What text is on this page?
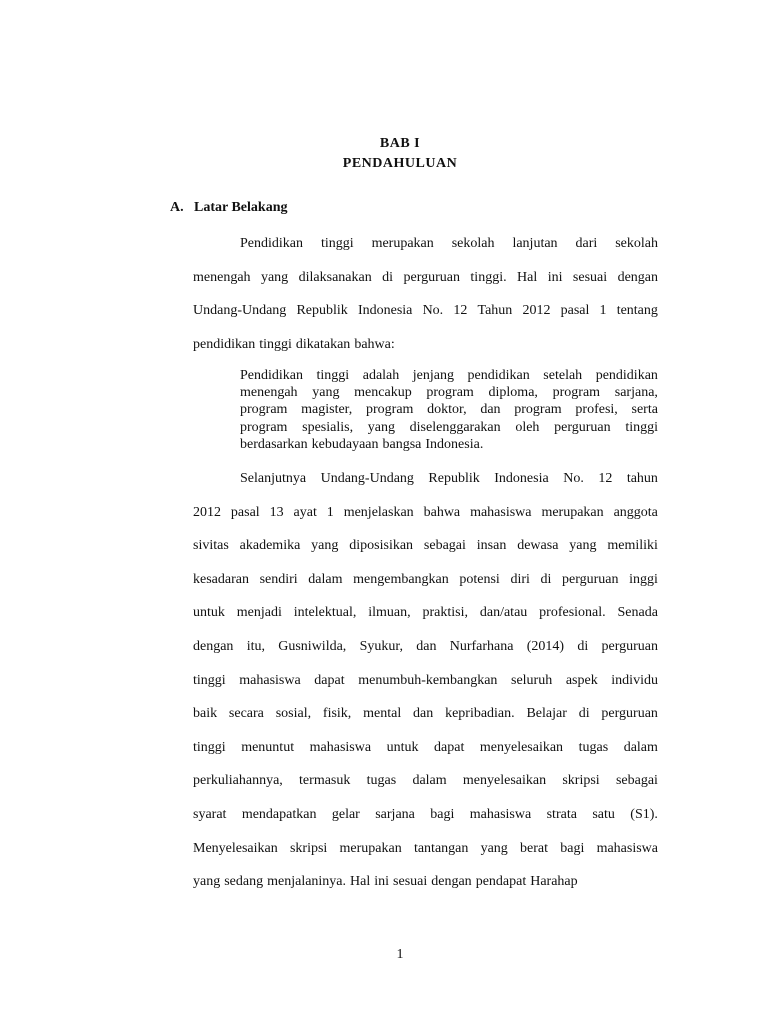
BAB I
PENDAHULUAN
A. Latar Belakang
Pendidikan tinggi merupakan sekolah lanjutan dari sekolah
menengah yang dilaksanakan di perguruan tinggi. Hal ini sesuai dengan
Undang-Undang Republik Indonesia No. 12 Tahun 2012 pasal 1 tentang
pendidikan tinggi dikatakan bahwa:
Pendidikan tinggi adalah jenjang pendidikan setelah pendidikan
menengah yang mencakup program diploma, program sarjana,
program magister, program doktor, dan program profesi, serta
program spesialis, yang diselenggarakan oleh perguruan tinggi
berdasarkan kebudayaan bangsa Indonesia.
Selanjutnya Undang-Undang Republik Indonesia No. 12 tahun
2012 pasal 13 ayat 1 menjelaskan bahwa mahasiswa merupakan anggota
sivitas akademika yang diposisikan sebagai insan dewasa yang memiliki
kesadaran sendiri dalam mengembangkan potensi diri di perguruan inggi
untuk menjadi intelektual, ilmuan, praktisi, dan/atau profesional. Senada
dengan itu, Gusniwilda, Syukur, dan Nurfarhana (2014) di perguruan
tinggi mahasiswa dapat menumbuh-kembangkan seluruh aspek individu
baik secara sosial, fisik, mental dan kepribadian. Belajar di perguruan
tinggi menuntut mahasiswa untuk dapat menyelesaikan tugas dalam
perkuliahannya, termasuk tugas dalam menyelesaikan skripsi sebagai
syarat mendapatkan gelar sarjana bagi mahasiswa strata satu (S1).
Menyelesaikan skripsi merupakan tantangan yang berat bagi mahasiswa
yang sedang menjalaninya. Hal ini sesuai dengan pendapat Harahap
1
